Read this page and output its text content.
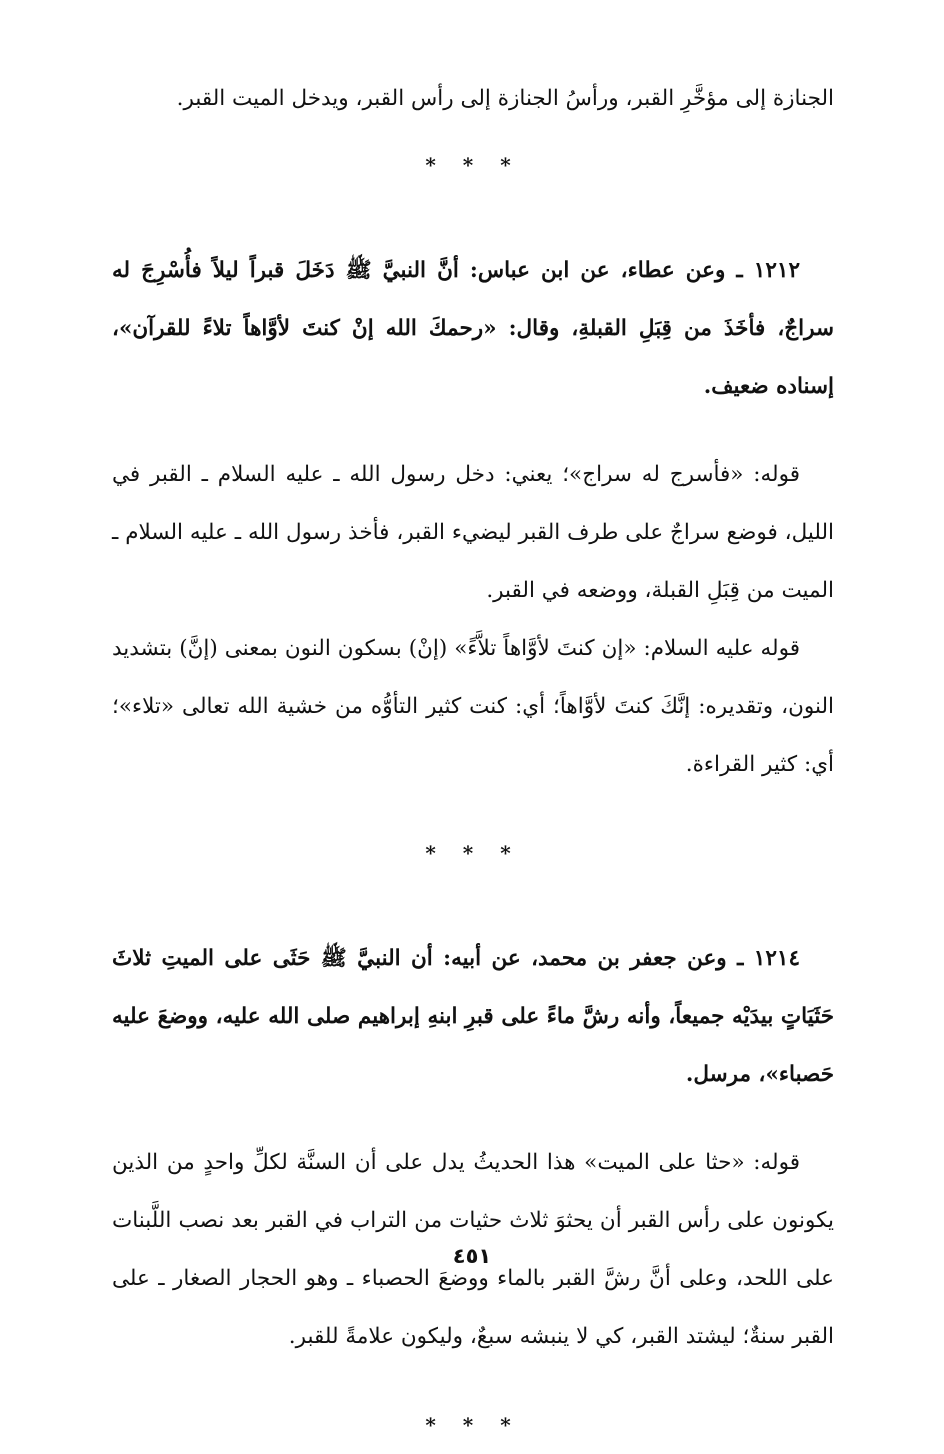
الجنازة إلى مؤخَّرِ القبر، ورأسُ الجنازة إلى رأس القبر، ويدخل الميت القبر.

* * *

١٢١٢ ـ وعن عطاء، عن ابن عباس: أنَّ النبيَّ ﷺ دَخَلَ قبراً ليلاً فأُسْرِجَ له سراجٌ، فأخَذَ من قِبَلِ القبلةِ، وقال: «رحمكَ الله إنْ كنتَ لأوَّاهاً تلاءً للقرآن»، إسناده ضعيف.

قوله: «فأسرج له سراج»؛ يعني: دخل رسول الله ـ عليه السلام ـ القبر في الليل، فوضع سراجٌ على طرف القبر ليضيء القبر، فأخذ رسول الله ـ عليه السلام ـ الميت من قِبَلِ القبلة، ووضعه في القبر.

قوله عليه السلام: «إن كنتَ لأوَّاهاً تلاَّءً» (إنْ) بسكون النون بمعنى (إنَّ) بتشديد النون، وتقديره: إنَّكَ كنتَ لأوَّاهاً؛ أي: كنت كثير التأوُّه من خشية الله تعالى «تلاء»؛ أي: كثير القراءة.

* * *

١٢١٤ ـ وعن جعفر بن محمد، عن أبيه: أن النبيَّ ﷺ حَثَى على الميتِ ثلاثَ حَثَيَاتٍ بيدَيْه جميعاً، وأنه رشَّ ماءً على قبرِ ابنهِ إبراهيم صلى الله عليه، ووضعَ عليه حَصباء»، مرسل.

قوله: «حثا على الميت» هذا الحديثُ يدل على أن السنَّة لكلِّ واحدٍ من الذين يكونون على رأس القبر أن يحثوَ ثلاث حثيات من التراب في القبر بعد نصب اللَّبنات على اللحد، وعلى أنَّ رشَّ القبر بالماء ووضعَ الحصباء ـ وهو الحجار الصغار ـ على القبر سنةٌ؛ ليشتد القبر، كي لا ينبشه سبعٌ، وليكون علامةً للقبر.

* * *
٤٥١
